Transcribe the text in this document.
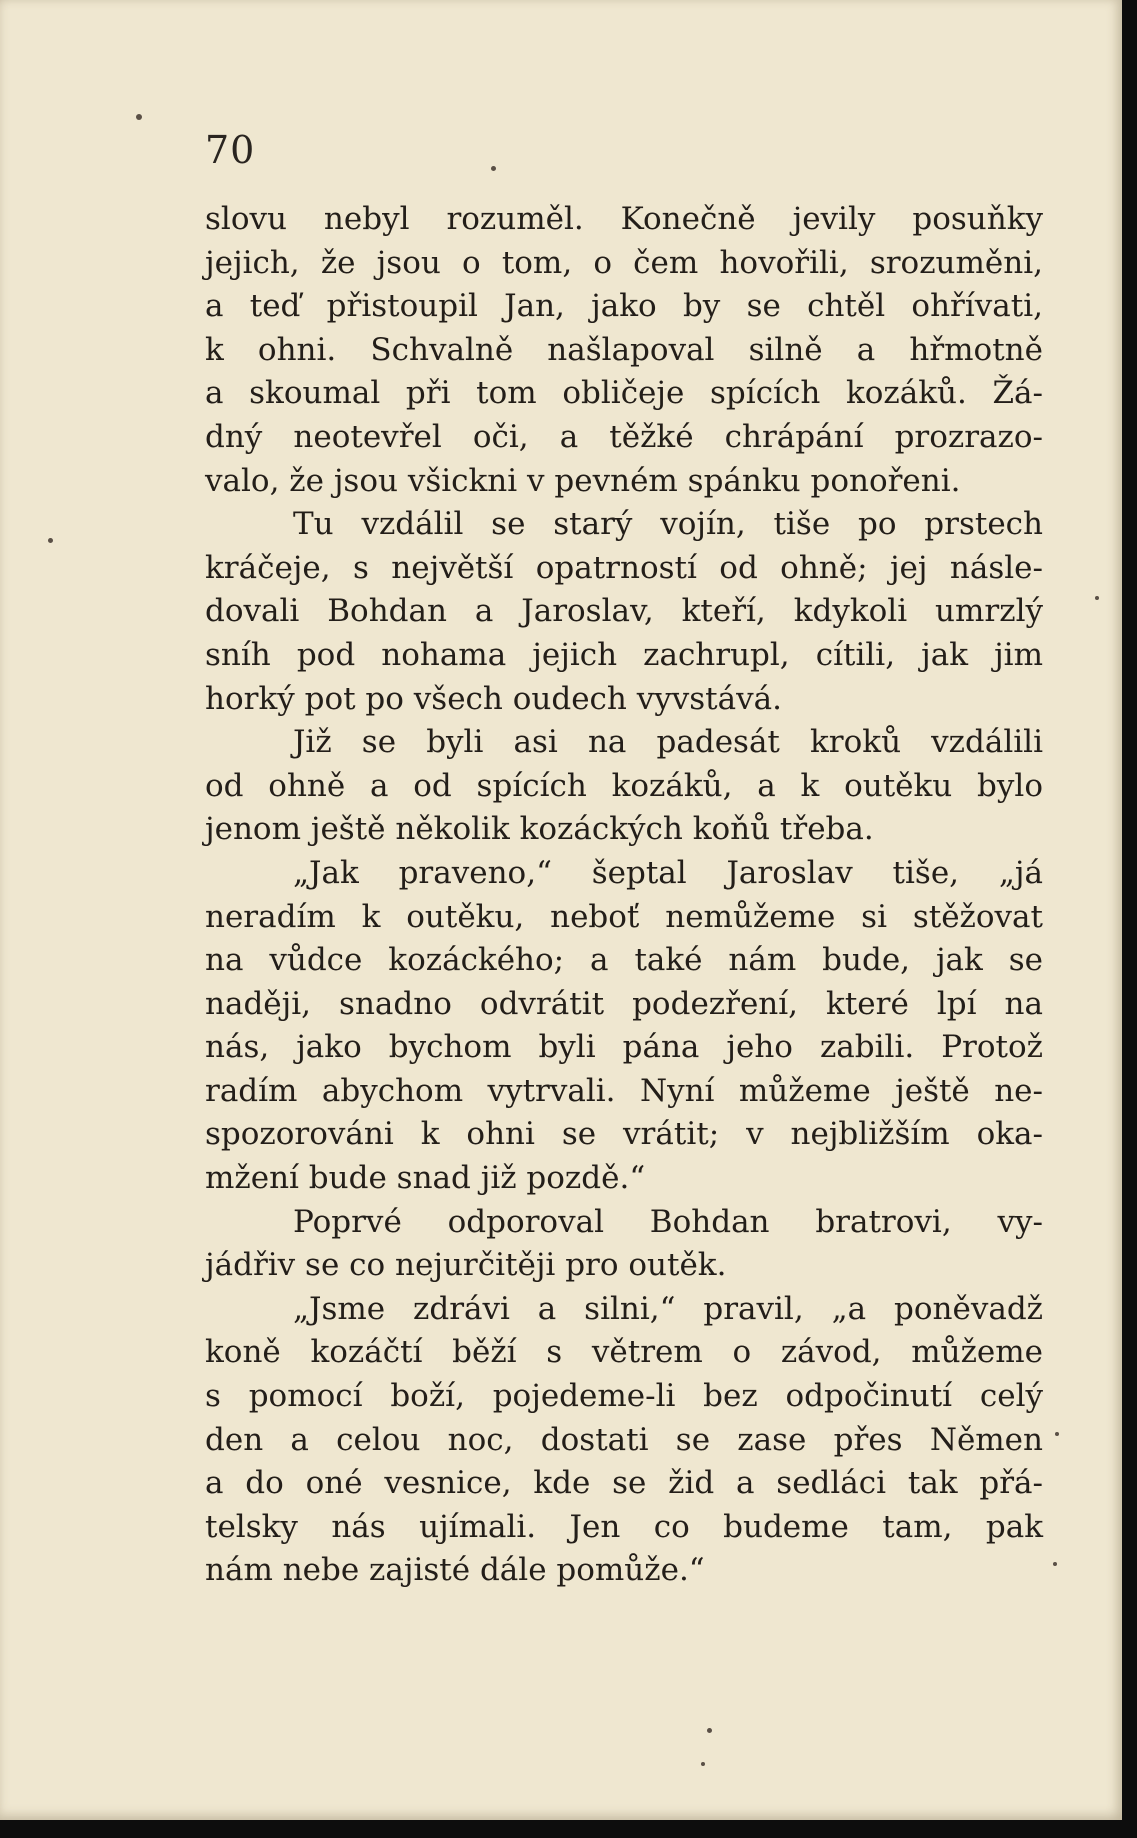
70
slovu nebyl rozuměl. Konečně jevily posuňky
jejich, že jsou o tom, o čem hovořili, srozuměni,
a teď přistoupil Jan, jako by se chtěl ohřívati,
k ohni. Schvalně našlapoval silně a hřmotně
a skoumal při tom obličeje spících kozáků. Žá-
dný neotevřel oči, a těžké chrápání prozrazo-
valo, že jsou všickni v pevném spánku ponořeni.
Tu vzdálil se starý vojín, tiše po prstech
kráčeje, s největší opatrností od ohně; jej násle-
dovali Bohdan a Jaroslav, kteří, kdykoli umrzlý
sníh pod nohama jejich zachrupl, cítili, jak jim
horký pot po všech oudech vyvstává.
Již se byli asi na padesát kroků vzdálili
od ohně a od spících kozáků, a k outěku bylo
jenom ještě několik kozáckých koňů třeba.
„Jak praveno,“ šeptal Jaroslav tiše, „já
neradím k outěku, neboť nemůžeme si stěžovat
na vůdce kozáckého; a také nám bude, jak se
naději, snadno odvrátit podezření, které lpí na
nás, jako bychom byli pána jeho zabili. Protož
radím abychom vytrvali. Nyní můžeme ještě ne-
spozorováni k ohni se vrátit; v nejbližším oka-
mžení bude snad již pozdě.“
Poprvé odporoval Bohdan bratrovi, vy-
jádřiv se co nejurčitěji pro outěk.
„Jsme zdrávi a silni,“ pravil, „a poněvadž
koně kozáčtí běží s větrem o závod, můžeme
s pomocí boží, pojedeme-li bez odpočinutí celý
den a celou noc, dostati se zase přes Němen
a do oné vesnice, kde se žid a sedláci tak přá-
telsky nás ujímali. Jen co budeme tam, pak
nám nebe zajisté dále pomůže.“
